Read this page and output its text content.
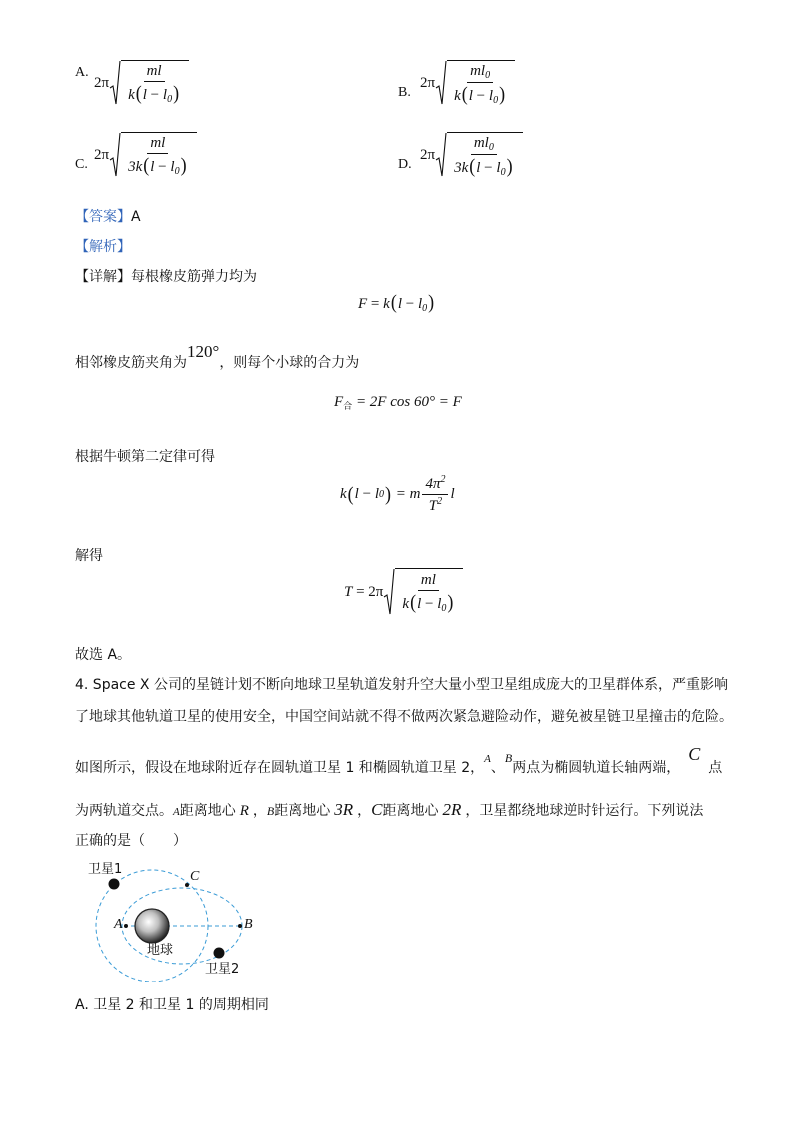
A.
$2\pi \frac{ml}{k(l - l_0)}$	B.
$2\pi \frac{ml_0}{k(l - l_0)}$
C.
$2\pi \frac{ml}{3k(l - l_0)}$	D.
$2\pi \frac{ml_0}{3k(l - l_0)}$
【答案】A
【解析】
【详解】每根橡皮筋弹力均为
$F = k(l - l_0)$
相邻橡皮筋夹角为120°，则每个小球的合力为
$F_合 = 2F$ cos 60° = F
根据牛顿第二定律可得
k ( l − l 0 )
= m $\frac{4\pi^2}{T^2}$ l
解得
$T = 2\pi \frac{ml}{k(l - l_0)}$
故选 A。
4. Space X 公司的星链计划不断向地球卫星轨道发射升空大量小型卫星组成庞大的卫星群体系，严重影响
了地球其他轨道卫星的使用安全，中国空间站就不得不做两次紧急避险动作，避免被星链卫星撞击的危险。
如图所示，假设在地球附近存在圆轨道卫星 1 和椭圆轨道卫星 2，$^A$、B两点为椭圆轨道长轴两端，C点
为两轨道交点。A距离地心 R ，B距离地心 3R ，C距离地心 2R ，卫星都绕地球逆时针运行。下列说法
正确的是（　　）
卫星1
卫星2
地球
A	B
C
A. 卫星 2 和卫星 1 的周期相同
